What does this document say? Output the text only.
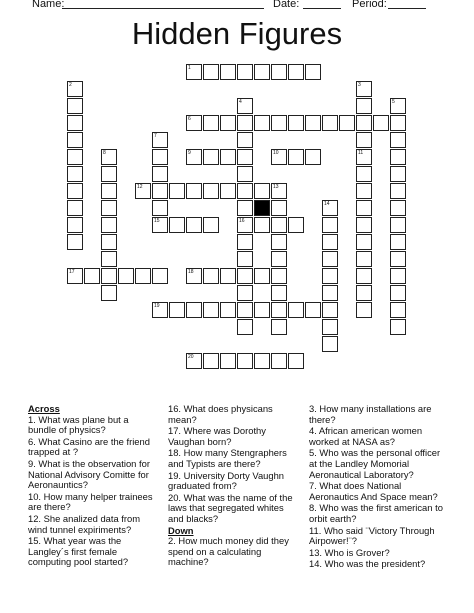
Name:	Date:	Period:
Hidden Figures
1
2	3
4	5
6
7
8	9	10	11
12	13
14
15	16
17	18
19
20
Across
1. What was plane but a bundle of physics?
6. What Casino are the friend trapped at ?
9. What is the observation for National Advisory Comitte for Aeronauntics?
10. How many helper trainees are there?
12. She analized data from wind tunnel expiriments?
15. What year was the Langley´s first female computing pool started?
16. What does physicans mean?
17. Where was Dorothy Vaughan born?
18. How many Stengraphers and Typists are there?
19. University Dorty Vaughn graduated from?
20. What was the name of the laws that segregated whites and blacks?
Down
2. How much money did they spend on a calculating machine?
3. How many installations are there?
4. African american women worked at NASA as?
5. Who was the personal officer at the Landley Momorial Aeronautical Laboratory?
7. What does National Aeronautics And Space mean?
8. Who was the first american to orbit earth?
11. Who said ¨Victory Through Airpower!¨?
13. Who is Grover?
14. Who was the president?
